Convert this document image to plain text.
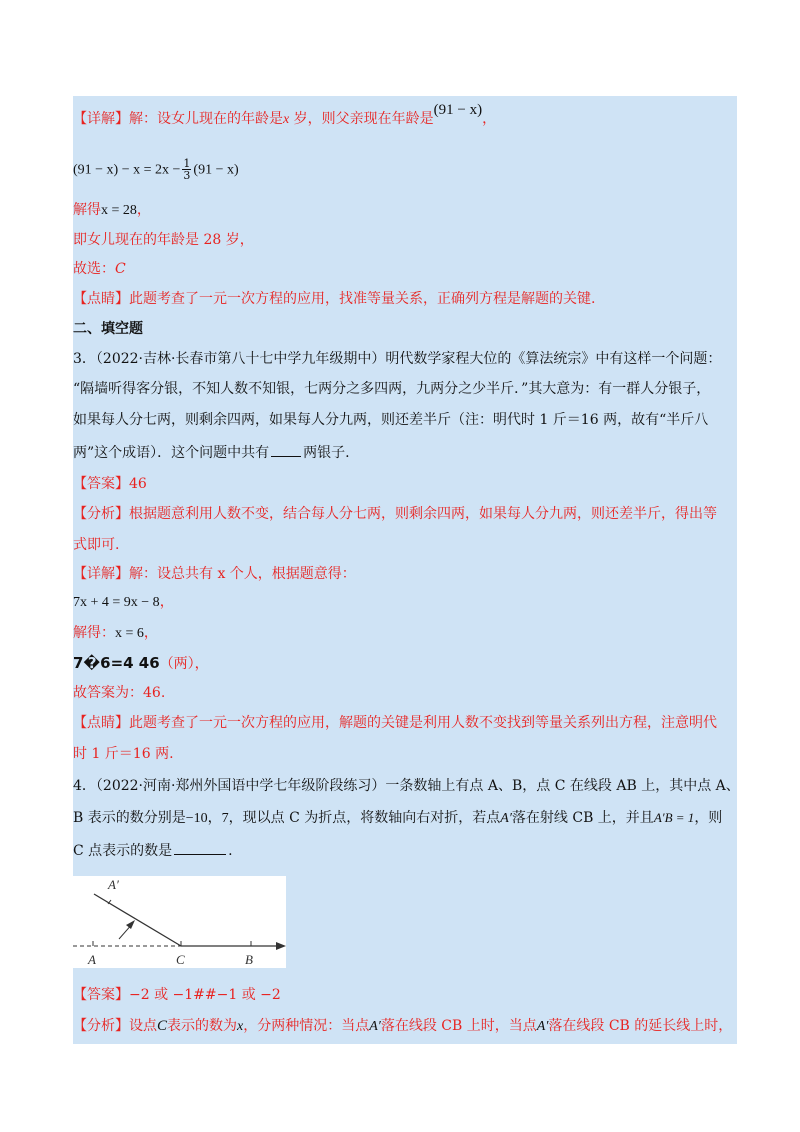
【详解】解：设女儿现在的年龄是x 岁，则父亲现在年龄是(91 − x)，
$(91 - x) - x = 2x - \frac{1}{3} (91 - x)$
解得x = 28，
即女儿现在的年龄是 28 岁，
故选：C
【点睛】此题考查了一元一次方程的应用，找准等量关系，正确列方程是解题的关键.
二、填空题
3．（2022·吉林·长春市第八十七中学九年级期中）明代数学家程大位的《算法统宗》中有这样一个问题：
“隔墙听得客分银，不知人数不知银，七两分之多四两，九两分之少半斤．”其大意为：有一群人分银子，
如果每人分七两，则剩余四两，如果每人分九两，则还差半斤（注：明代时 1 斤＝16 两，故有“半斤八
两”这个成语）．这个问题中共有 两银子.
【答案】46
【分析】根据题意利用人数不变，结合每人分七两，则剩余四两，如果每人分九两，则还差半斤，得出等
式即可.
【详解】解：设总共有 x 个人，根据题意得：
7x + 4 = 9x − 8，
解得：x = 6，
7�6=4 46（两），
故答案为：46.
【点睛】此题考查了一元一次方程的应用，解题的关键是利用人数不变找到等量关系列出方程，注意明代
时 1 斤＝16 两.
4．（2022·河南·郑州外国语中学七年级阶段练习）一条数轴上有点 A、B，点 C 在线段 AB 上，其中点 A、
B 表示的数分别是−10，7，现以点 C 为折点，将数轴向右对折，若点A′落在射线 CB 上，并且A′B = 1，则
C 点表示的数是	.
A′
A	C	B
【答案】−2 或 −1##−1 或 −2
【分析】设点C表示的数为x，分两种情况：当点A′落在线段 CB 上时，当点A′落在线段 CB 的延长线上时，
